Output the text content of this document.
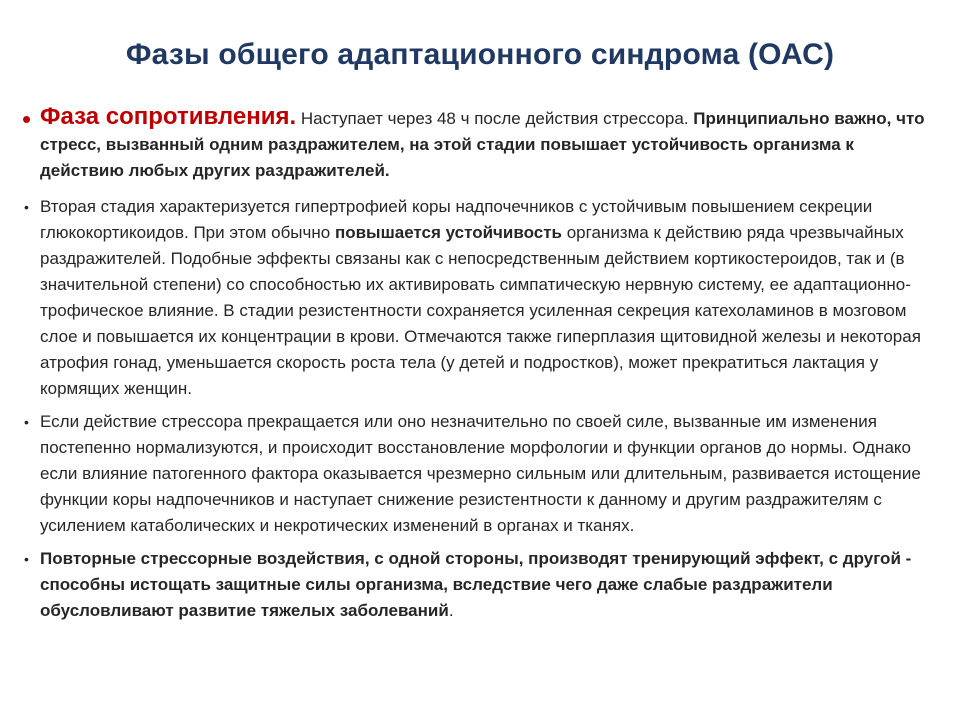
Фазы общего адаптационного синдрома (ОАС)
• Фаза сопротивления. Наступает через 48 ч после действия стрессора. Принципиально важно, что стресс, вызванный одним раздражителем, на этой стадии повышает устойчивость организма к действию любых других раздражителей.
• Вторая стадия характеризуется гипертрофией коры надпочечников с устойчивым повышением секреции глюкокортикоидов. При этом обычно повышается устойчивость организма к действию ряда чрезвычайных раздражителей. Подобные эффекты связаны как с непосредственным действием кортикостероидов, так и (в значительной степени) со способностью их активировать симпатическую нервную систему, ее адаптационно-трофическое влияние. В стадии резистентности сохраняется усиленная секреция катехоламинов в мозговом слое и повышается их концентрации в крови. Отмечаются также гиперплазия щитовидной железы и некоторая атрофия гонад, уменьшается скорость роста тела (у детей и подростков), может прекратиться лактация у кормящих женщин.
• Если действие стрессора прекращается или оно незначительно по своей силе, вызванные им изменения постепенно нормализуются, и происходит восстановление морфологии и функции органов до нормы. Однако если влияние патогенного фактора оказывается чрезмерно сильным или длительным, развивается истощение функции коры надпочечников и наступает снижение резистентности к данному и другим раздражителям с усилением катаболических и некротических изменений в органах и тканях.
• Повторные стрессорные воздействия, с одной стороны, производят тренирующий эффект, с другой - способны истощать защитные силы организма, вследствие чего даже слабые раздражители обусловливают развитие тяжелых заболеваний.
